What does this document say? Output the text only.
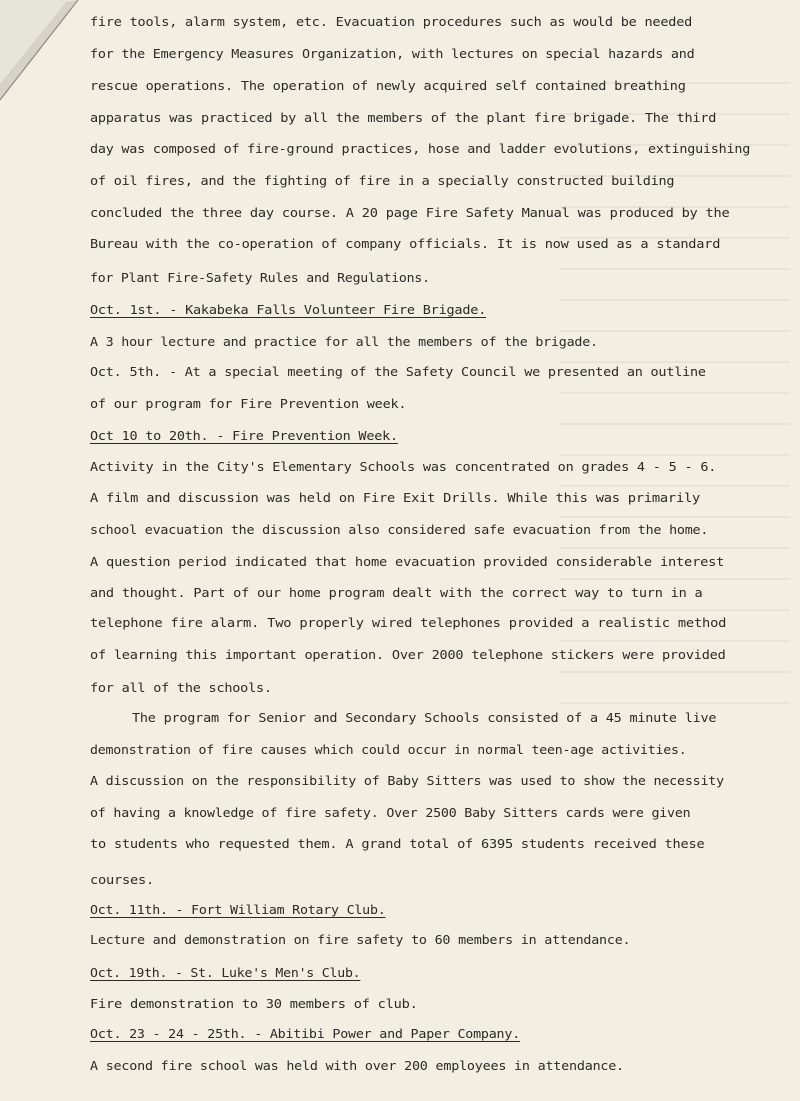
fire tools, alarm system, etc. Evacuation procedures such as would be needed
for the Emergency Measures Organization, with lectures on special hazards and
rescue operations. The operation of newly acquired self contained breathing
apparatus was practiced by all the members of the plant fire brigade. The third
day was composed of fire-ground practices, hose and ladder evolutions, extinguishing
of oil fires, and the fighting of fire in a specially constructed building
concluded the three day course. A 20 page Fire Safety Manual was produced by the
Bureau with the co-operation of company officials. It is now used as a standard
for Plant Fire-Safety Rules and Regulations.
Oct. 1st. - Kakabeka Falls Volunteer Fire Brigade.
A 3 hour lecture and practice for all the members of the brigade.
Oct. 5th. - At a special meeting of the Safety Council we presented an outline
of our program for Fire Prevention week.
Oct 10 to 20th. - Fire Prevention Week.
Activity in the City's Elementary Schools was concentrated on grades 4 - 5 - 6.
A film and discussion was held on Fire Exit Drills. While this was primarily
school evacuation the discussion also considered safe evacuation from the home.
A question period indicated that home evacuation provided considerable interest
and thought. Part of our home program dealt with the correct way to turn in a
telephone fire alarm. Two properly wired telephones provided a realistic method
of learning this important operation. Over 2000 telephone stickers were provided
for all of the schools.
The program for Senior and Secondary Schools consisted of a 45 minute live
demonstration of fire causes which could occur in normal teen-age activities.
A discussion on the responsibility of Baby Sitters was used to show the necessity
of having a knowledge of fire safety. Over 2500 Baby Sitters cards were given
to students who requested them. A grand total of 6395 students received these
courses.
Oct. 11th. - Fort William Rotary Club.
Lecture and demonstration on fire safety to 60 members in attendance.
Oct. 19th. - St. Luke's Men's Club.
Fire demonstration to 30 members of club.
Oct. 23 - 24 - 25th. - Abitibi Power and Paper Company.
A second fire school was held with over 200 employees in attendance.
